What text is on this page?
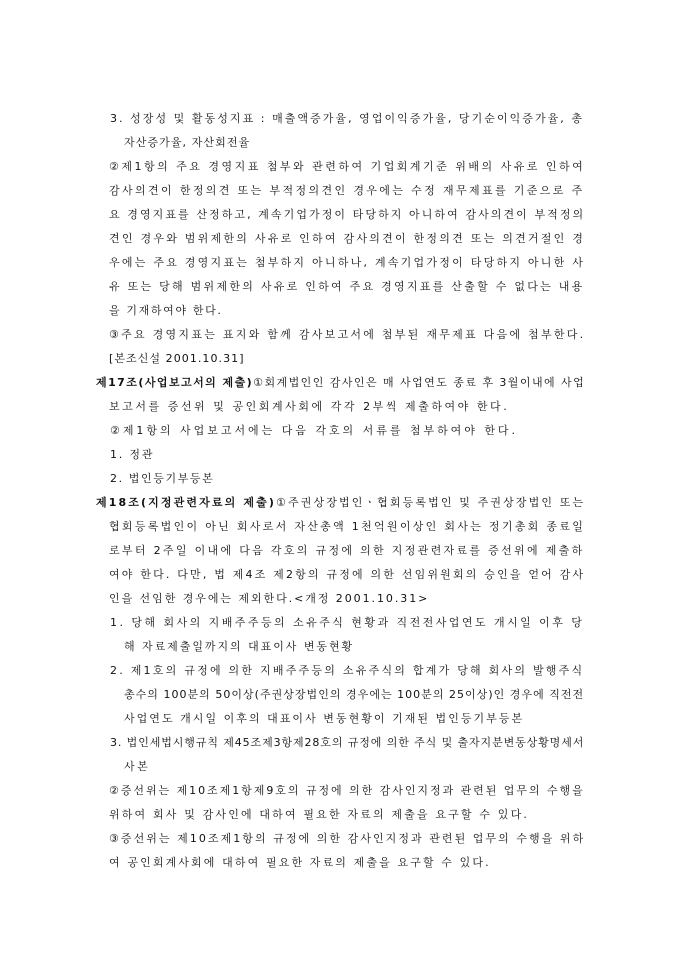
3. 성장성 및 활동성지표 : 매출액증가율, 영업이익증가율, 당기순이익증가율, 총
자산증가율, 자산회전율
②제1항의 주요 경영지표 첨부와 관련하여 기업회계기준 위배의 사유로 인하여
감사의견이 한정의견 또는 부적정의견인 경우에는 수정 재무제표를 기준으로 주
요 경영지표를 산정하고, 계속기업가정이 타당하지 아니하여 감사의견이 부적정의
견인 경우와 범위제한의 사유로 인하여 감사의견이 한정의견 또는 의견거절인 경
우에는 주요 경영지표는 첨부하지 아니하나, 계속기업가정이 타당하지 아니한 사
유 또는 당해 범위제한의 사유로 인하여 주요 경영지표를 산출할 수 없다는 내용
을 기재하여야 한다.
③주요 경영지표는 표지와 함께 감사보고서에 첨부된 재무제표 다음에 첨부한다.
[본조신설 2001.10.31]
제17조(사업보고서의 제출)①회계법인인 감사인은 매 사업연도 종료 후 3월이내에 사업
보고서를 증선위 및 공인회계사회에 각각 2부씩 제출하여야 한다.
②제1항의 사업보고서에는 다음 각호의 서류를 첨부하여야 한다.
1. 정관
2. 법인등기부등본
제18조(지정관련자료의 제출)①주권상장법인ㆍ협회등록법인 및 주권상장법인 또는
협회등록법인이 아닌 회사로서 자산총액 1천억원이상인 회사는 정기총회 종료일
로부터 2주일 이내에 다음 각호의 규정에 의한 지정관련자료를 증선위에 제출하
여야 한다. 다만, 법 제4조 제2항의 규정에 의한 선임위원회의 승인을 얻어 감사
인을 선임한 경우에는 제외한다.<개정 2001.10.31>
1. 당해 회사의 지배주주등의 소유주식 현황과 직전전사업연도 개시일 이후 당
해 자료제출일까지의 대표이사 변동현황
2. 제1호의 규정에 의한 지배주주등의 소유주식의 합계가 당해 회사의 발행주식
총수의 100분의 50이상(주권상장법인의 경우에는 100분의 25이상)인 경우에 직전전
사업연도 개시일 이후의 대표이사 변동현황이 기재된 법인등기부등본
3. 법인세법시행규칙 제45조제3항제28호의 규정에 의한 주식 및 출자지분변동상황명세서
사본
②증선위는 제10조제1항제9호의 규정에 의한 감사인지정과 관련된 업무의 수행을
위하여 회사 및 감사인에 대하여 필요한 자료의 제출을 요구할 수 있다.
③증선위는 제10조제1항의 규정에 의한 감사인지정과 관련된 업무의 수행을 위하
여 공인회계사회에 대하여 필요한 자료의 제출을 요구할 수 있다.
